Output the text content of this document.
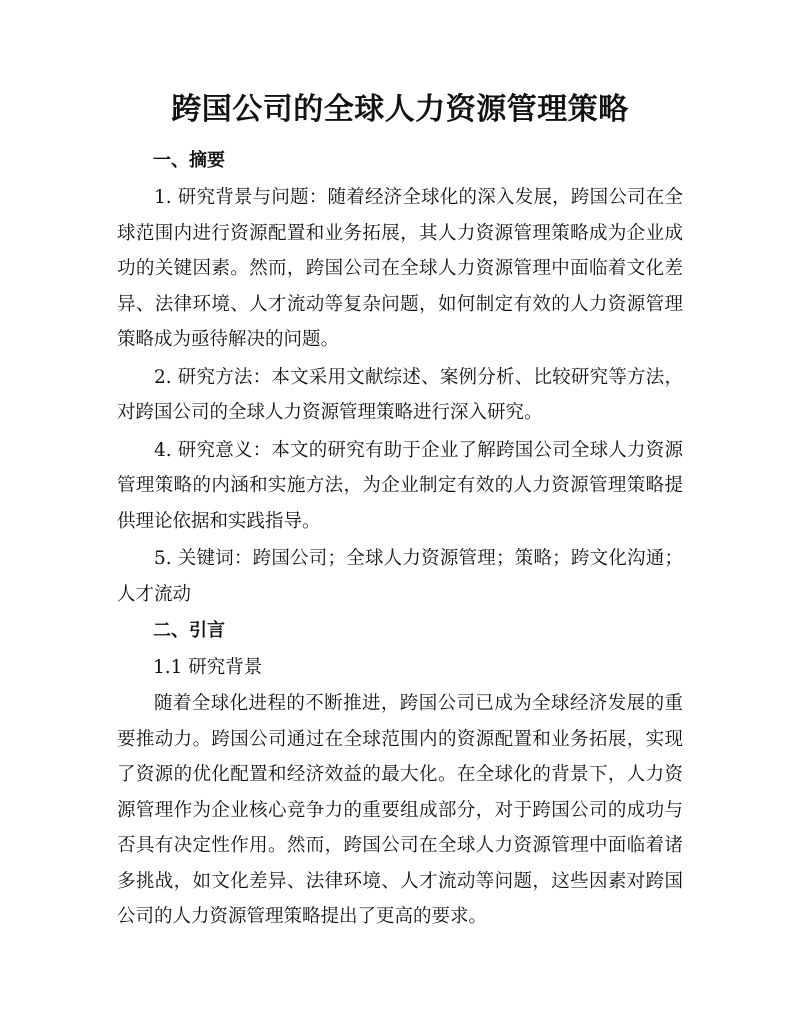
跨国公司的全球人力资源管理策略
一、摘要

1. 研究背景与问题：随着经济全球化的深入发展，跨国公司在全球范围内进行资源配置和业务拓展，其人力资源管理策略成为企业成功的关键因素。然而，跨国公司在全球人力资源管理中面临着文化差异、法律环境、人才流动等复杂问题，如何制定有效的人力资源管理策略成为亟待解决的问题。

2. 研究方法：本文采用文献综述、案例分析、比较研究等方法，对跨国公司的全球人力资源管理策略进行深入研究。

4. 研究意义：本文的研究有助于企业了解跨国公司全球人力资源管理策略的内涵和实施方法，为企业制定有效的人力资源管理策略提供理论依据和实践指导。

5. 关键词：跨国公司；全球人力资源管理；策略；跨文化沟通；人才流动

二、引言
1.1 研究背景

随着全球化进程的不断推进，跨国公司已成为全球经济发展的重要推动力。跨国公司通过在全球范围内的资源配置和业务拓展，实现了资源的优化配置和经济效益的最大化。在全球化的背景下，人力资源管理作为企业核心竞争力的重要组成部分，对于跨国公司的成功与否具有决定性作用。然而，跨国公司在全球人力资源管理中面临着诸多挑战，如文化差异、法律环境、人才流动等问题，这些因素对跨国公司的人力资源管理策略提出了更高的要求。
